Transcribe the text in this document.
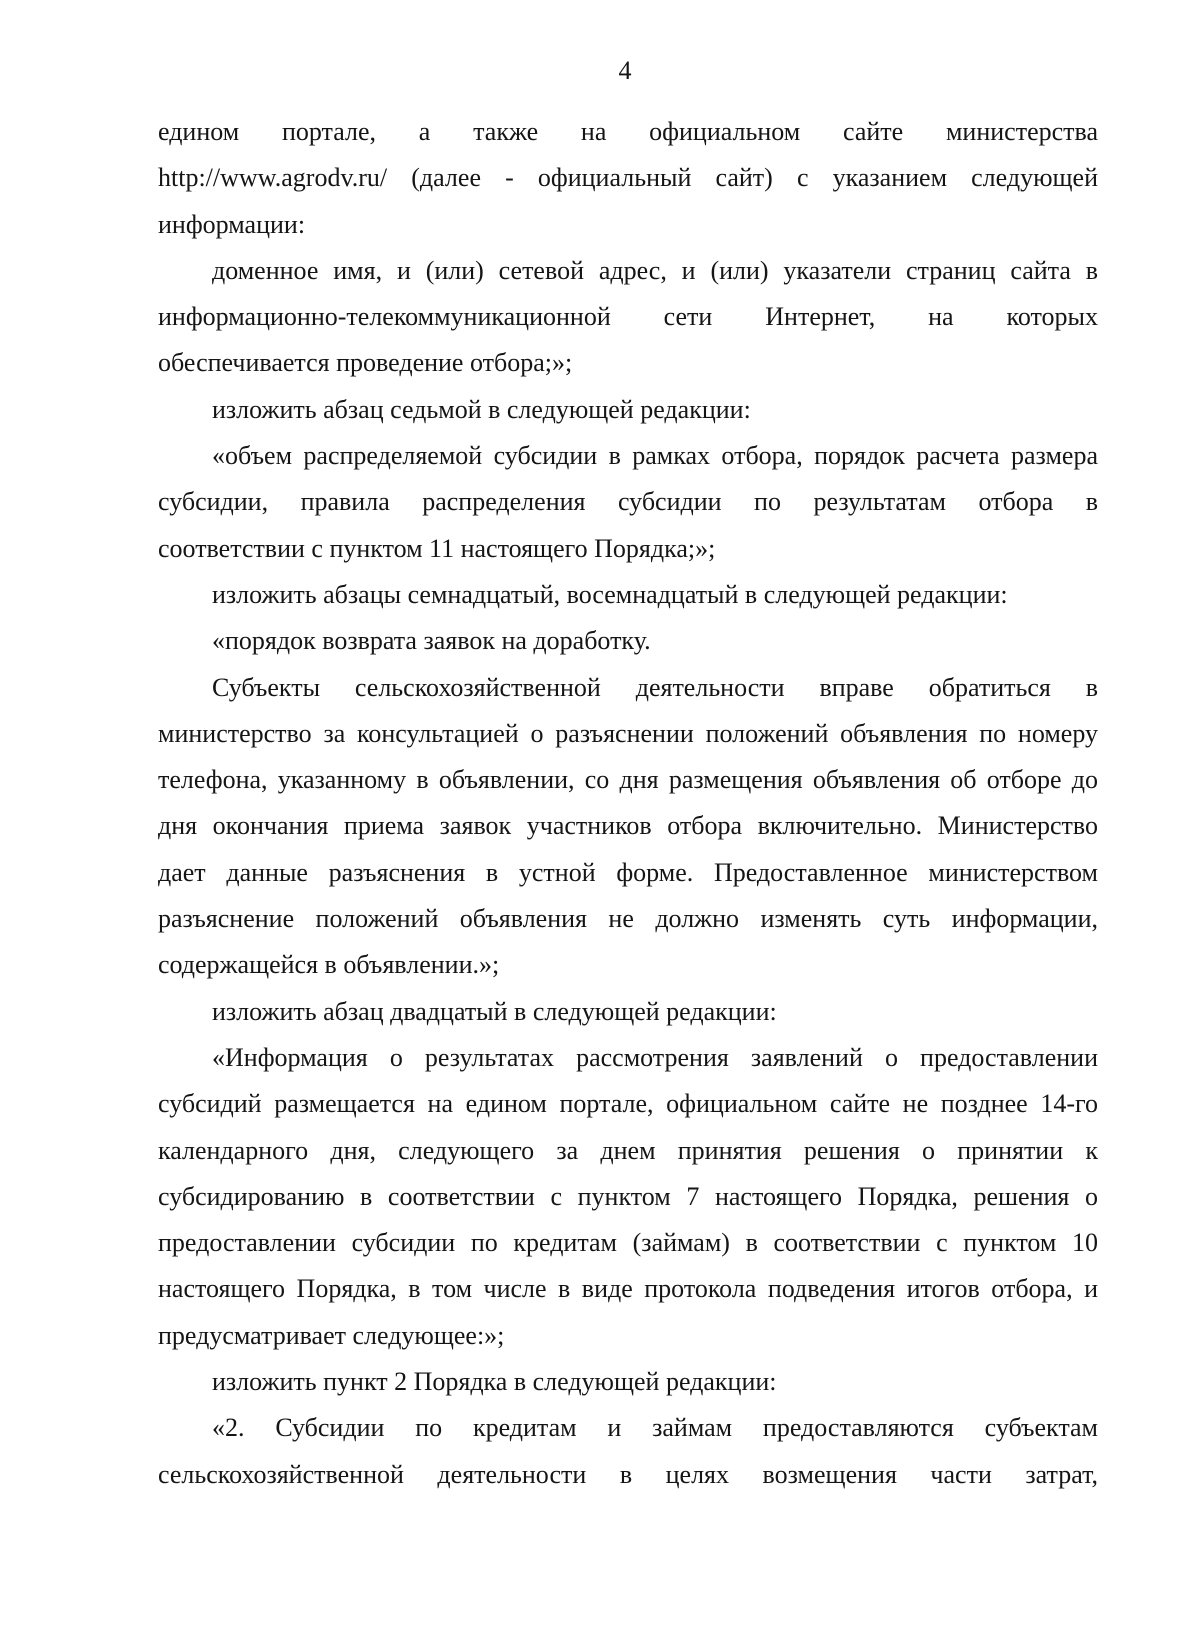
4
едином портале, а также на официальном сайте министерства
http://www.agrodv.ru/ (далее - официальный сайт) с указанием следующей
информации:
доменное имя, и (или) сетевой адрес, и (или) указатели страниц сайта в
информационно-телекоммуникационной сети Интернет, на которых
обеспечивается проведение отбора;»;
изложить абзац седьмой в следующей редакции:
«объем распределяемой субсидии в рамках отбора, порядок расчета размера
субсидии, правила распределения субсидии по результатам отбора в
соответствии с пунктом 11 настоящего Порядка;»;
изложить абзацы семнадцатый, восемнадцатый в следующей редакции:
«порядок возврата заявок на доработку.
Субъекты сельскохозяйственной деятельности вправе обратиться в
министерство за консультацией о разъяснении положений объявления по номеру
телефона, указанному в объявлении, со дня размещения объявления об отборе до
дня окончания приема заявок участников отбора включительно. Министерство
дает данные разъяснения в устной форме. Предоставленное министерством
разъяснение положений объявления не должно изменять суть информации,
содержащейся в объявлении.»;
изложить абзац двадцатый в следующей редакции:
«Информация о результатах рассмотрения заявлений о предоставлении
субсидий размещается на едином портале, официальном сайте не позднее 14-го
календарного дня, следующего за днем принятия решения о принятии к
субсидированию в соответствии с пунктом 7 настоящего Порядка, решения о
предоставлении субсидии по кредитам (займам) в соответствии с пунктом 10
настоящего Порядка, в том числе в виде протокола подведения итогов отбора, и
предусматривает следующее:»;
изложить пункт 2 Порядка в следующей редакции:
«2. Субсидии по кредитам и займам предоставляются субъектам
сельскохозяйственной деятельности в целях возмещения части затрат,
